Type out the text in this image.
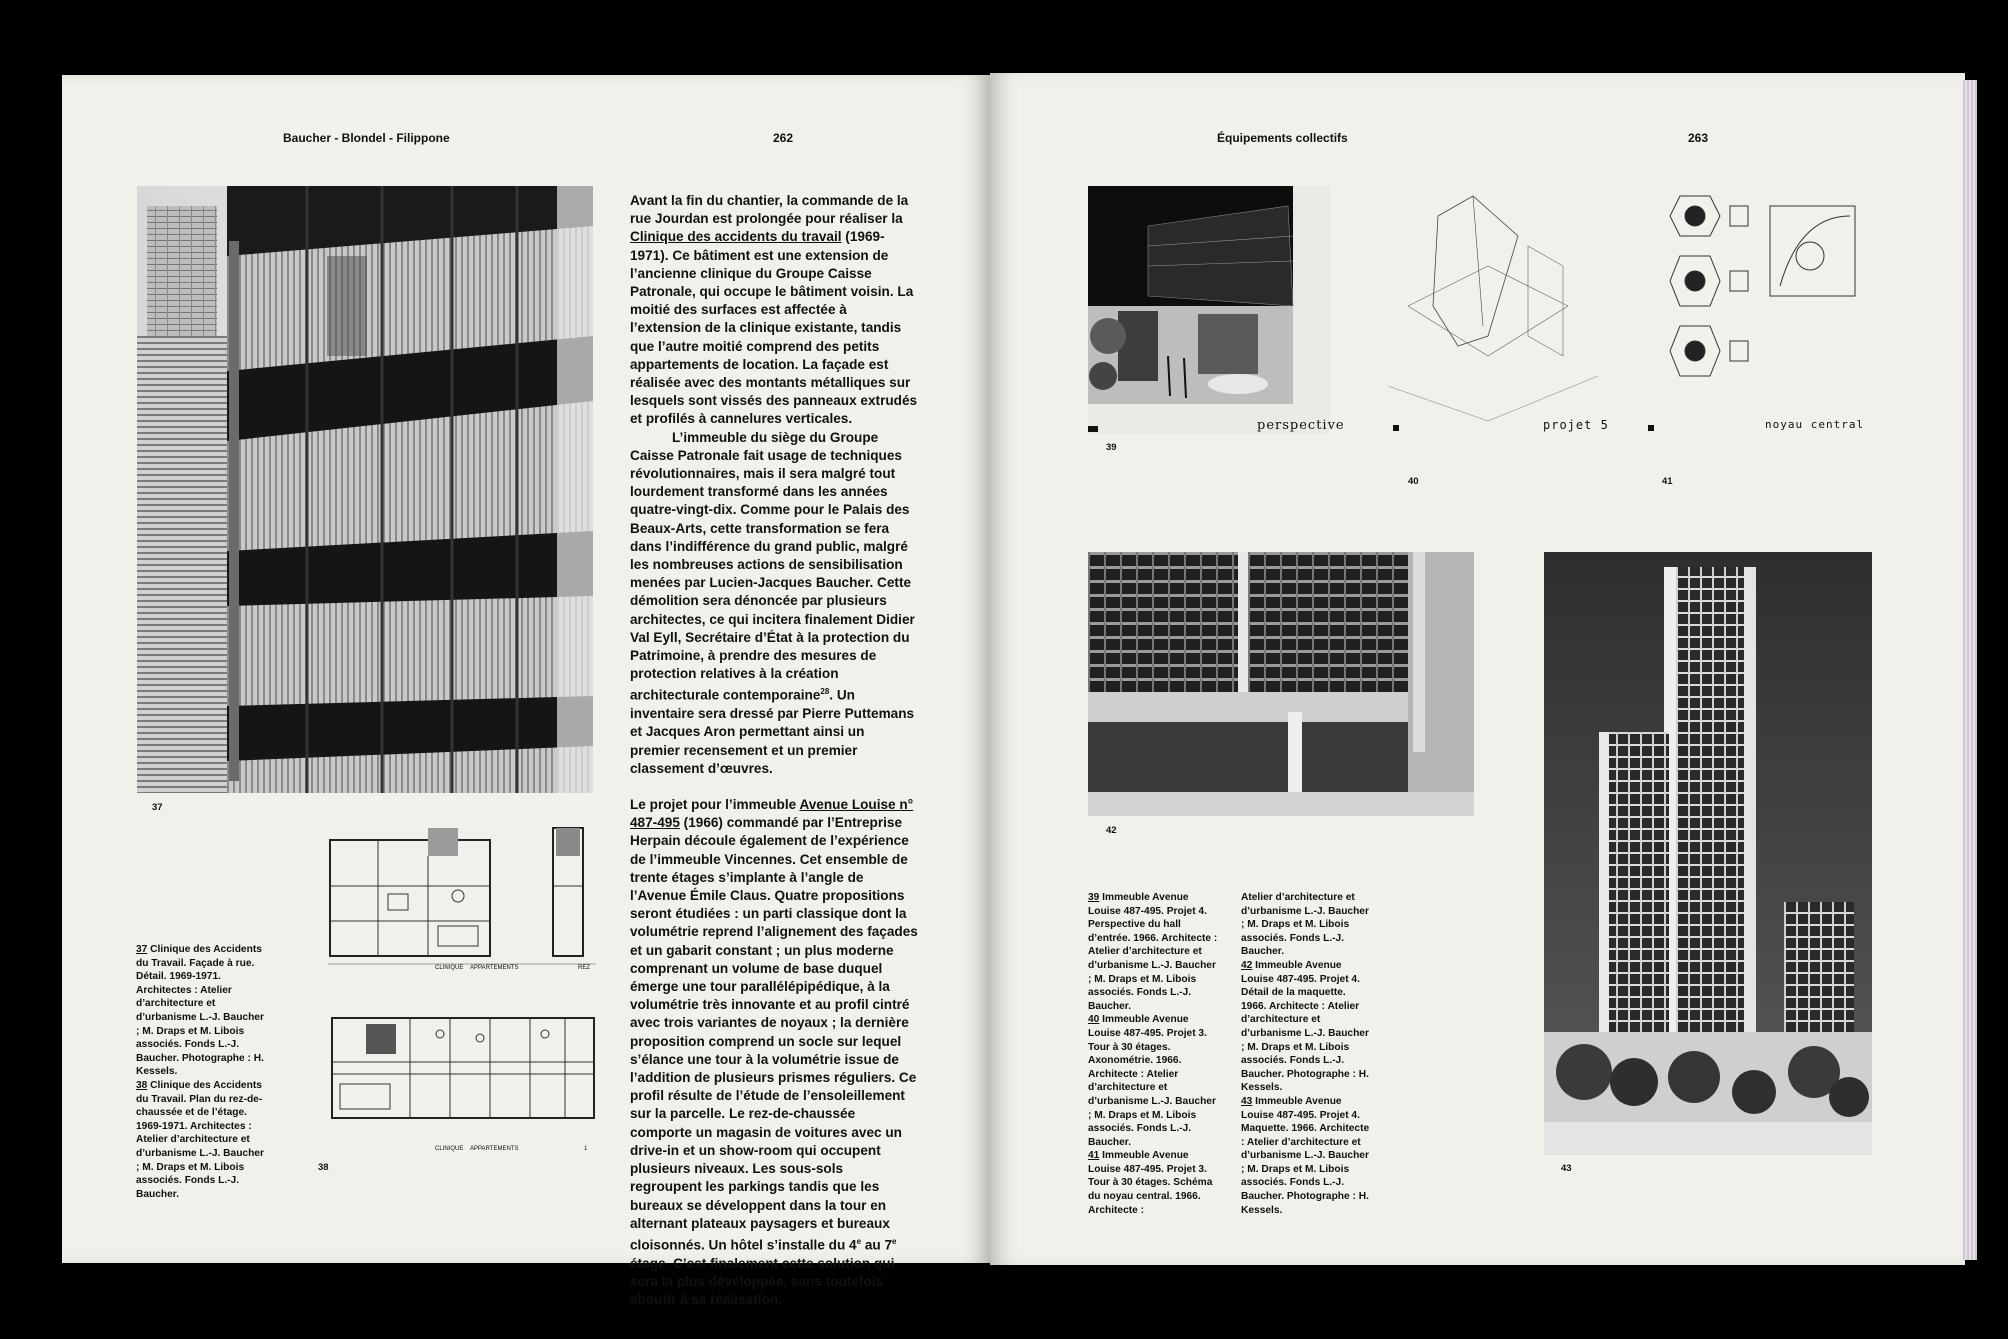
Baucher - Blondel - Filippone	262
37
CLINIQUE APPARTEMENTS	REZ
CLINIQUE APPARTEMENTS	1
38

37 Clinique des Accidents du Travail. Façade à rue. Détail. 1969-1971. Architectes : Atelier d’architecture et d’urbanisme L.-J. Baucher ; M. Draps et M. Libois associés. Fonds L.-J. Baucher. Photographe : H. Kessels.

38 Clinique des Accidents du Travail. Plan du rez-de-chaussée et de l’étage. 1969-1971. Architectes : Atelier d’architecture et d’urbanisme L.-J. Baucher ; M. Draps et M. Libois associés. Fonds L.-J. Baucher.

Avant la fin du chantier, la commande de la rue Jourdan est prolongée pour réaliser la Clinique des accidents du travail (1969-1971). Ce bâtiment est une extension de l’ancienne clinique du Groupe Caisse Patronale, qui occupe le bâtiment voisin. La moitié des surfaces est affectée à l’extension de la clinique existante, tandis que l’autre moitié comprend des petits appartements de location. La façade est réalisée avec des montants métalliques sur lesquels sont vissés des panneaux extrudés et profilés à cannelures verticales.

L’immeuble du siège du Groupe Caisse Patronale fait usage de techniques révolutionnaires, mais il sera malgré tout lourdement transformé dans les années quatre-vingt-dix. Comme pour le Palais des Beaux-Arts, cette transformation se fera dans l’indifférence du grand public, malgré les nombreuses actions de sensibilisation menées par Lucien-Jacques Baucher. Cette démolition sera dénoncée par plusieurs architectes, ce qui incitera finalement Didier Val Eyll, Secrétaire d’État à la protection du Patrimoine, à prendre des mesures de protection relatives à la création architecturale contemporaine$^{28}$. Un inventaire sera dressé par Pierre Puttemans et Jacques Aron permettant ainsi un premier recensement et un premier classement d’œuvres.

Le projet pour l’immeuble Avenue Louise n° 487-495 (1966) commandé par l’Entreprise Herpain découle également de l’expérience de l’immeuble Vincennes. Cet ensemble de trente étages s’implante à l’angle de l’Avenue Émile Claus. Quatre propositions seront étudiées : un parti classique dont la volumétrie reprend l’alignement des façades et un gabarit constant ; un plus moderne comprenant un volume de base duquel émerge une tour parallélépipédique, à la volumétrie très innovante et au profil cintré avec trois variantes de noyaux ; la dernière proposition comprend un socle sur lequel s’élance une tour à la volumétrie issue de l’addition de plusieurs prismes réguliers. Ce profil résulte de l’étude de l’ensoleillement sur la parcelle. Le rez-de-chaussée comporte un magasin de voitures avec un drive-in et un show-room qui occupent plusieurs niveaux. Les sous-sols regroupent les parkings tandis que les bureaux se développent dans la tour en alternant plateaux paysagers et bureaux cloisonnés. Un hôtel s’installe du 4e au 7e étage. C’est finalement cette solution qui sera la plus développée, sans toutefois aboutir à sa réalisation.

Équipements collectifs	263
perspective
39
projet 5
40
noyau central
41
42
43

39 Immeuble Avenue Louise 487-495. Projet 4. Perspective du hall d’entrée. 1966. Architecte : Atelier d’architecture et d’urbanisme L.-J. Baucher ; M. Draps et M. Libois associés. Fonds L.-J. Baucher.

40 Immeuble Avenue Louise 487-495. Projet 3. Tour à 30 étages. Axonométrie. 1966. Architecte : Atelier d’architecture et d’urbanisme L.-J. Baucher ; M. Draps et M. Libois associés. Fonds L.-J. Baucher.

41 Immeuble Avenue Louise 487-495. Projet 3. Tour à 30 étages. Schéma du noyau central. 1966. Architecte :

Atelier d’architecture et d’urbanisme L.-J. Baucher ; M. Draps et M. Libois associés. Fonds L.-J. Baucher.

42 Immeuble Avenue Louise 487-495. Projet 4. Détail de la maquette. 1966. Architecte : Atelier d’architecture et d’urbanisme L.-J. Baucher ; M. Draps et M. Libois associés. Fonds L.-J. Baucher. Photographe : H. Kessels.

43 Immeuble Avenue Louise 487-495. Projet 4. Maquette. 1966. Architecte : Atelier d’architecture et d’urbanisme L.-J. Baucher ; M. Draps et M. Libois associés. Fonds L.-J. Baucher. Photographe : H. Kessels.
